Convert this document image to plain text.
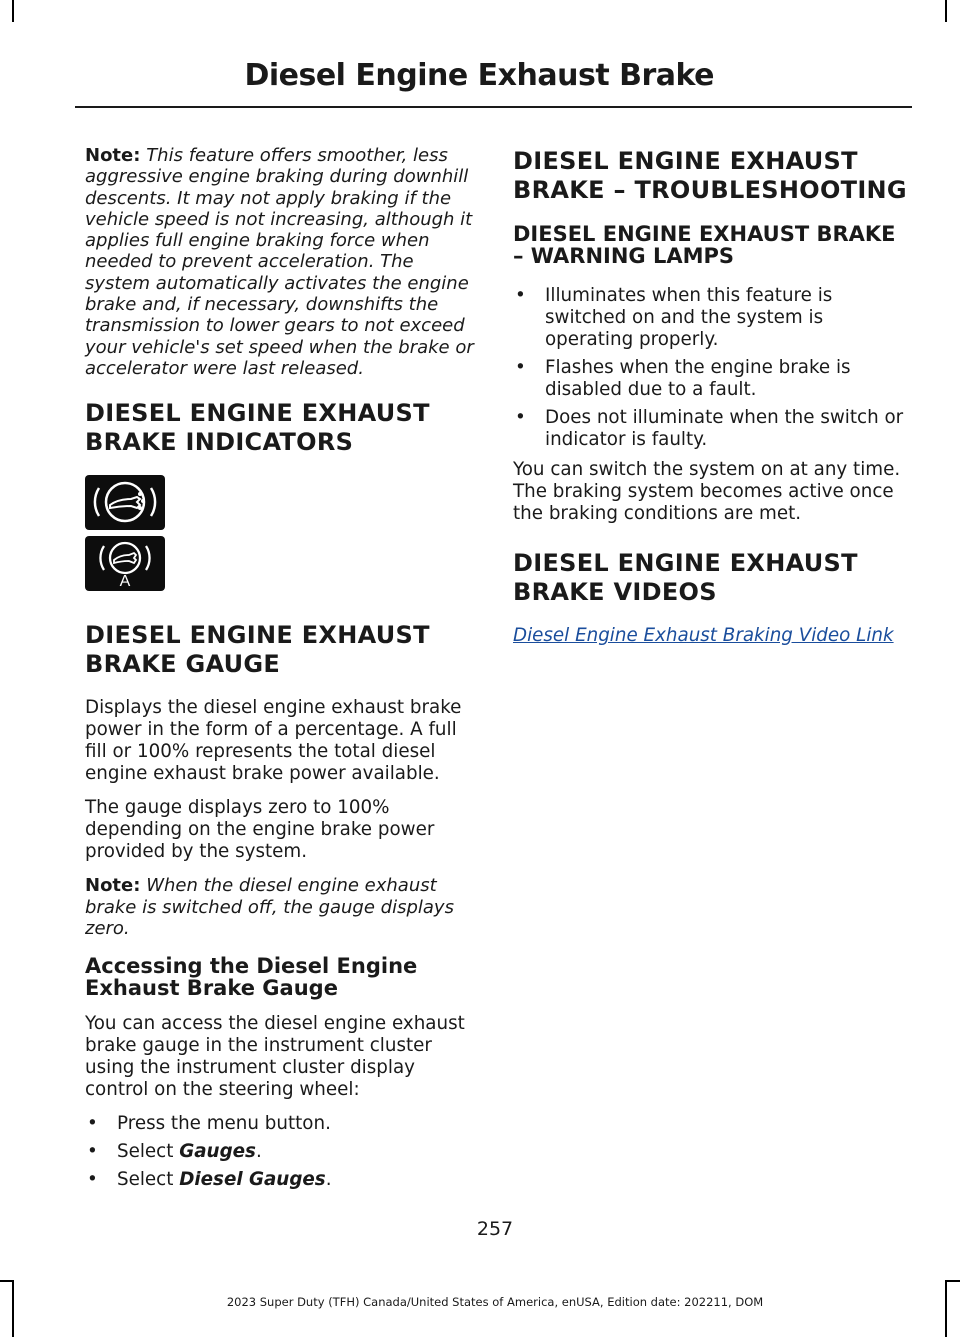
Diesel Engine Exhaust Brake
Note: This feature offers smoother, less aggressive engine braking during downhill descents. It may not apply braking if the vehicle speed is not increasing, although it applies full engine braking force when needed to prevent acceleration. The system automatically activates the engine brake and, if necessary, downshifts the transmission to lower gears to not exceed your vehicle's set speed when the brake or accelerator were last released.
DIESEL ENGINE EXHAUST
BRAKE INDICATORS
A
DIESEL ENGINE EXHAUST
BRAKE GAUGE

Displays the diesel engine exhaust brake power in the form of a percentage. A full fill or 100% represents the total diesel engine exhaust brake power available.

The gauge displays zero to 100% depending on the engine brake power provided by the system.

Note: When the diesel engine exhaust brake is switched off, the gauge displays zero.
Accessing the Diesel Engine Exhaust Brake Gauge

You can access the diesel engine exhaust brake gauge in the instrument cluster using the instrument cluster display control on the steering wheel:

• Press the menu button.
• Select Gauges.
• Select Diesel Gauges.
DIESEL ENGINE EXHAUST
BRAKE – TROUBLESHOOTING
DIESEL ENGINE EXHAUST BRAKE – WARNING LAMPS
• Illuminates when this feature is switched on and the system is operating properly.
• Flashes when the engine brake is disabled due to a fault.
• Does not illuminate when the switch or indicator is faulty.

You can switch the system on at any time. The braking system becomes active once the braking conditions are met.

DIESEL ENGINE EXHAUST
BRAKE VIDEOS
Diesel Engine Exhaust Braking Video Link
257
2023 Super Duty (TFH) Canada/United States of America, enUSA, Edition date: 202211, DOM
